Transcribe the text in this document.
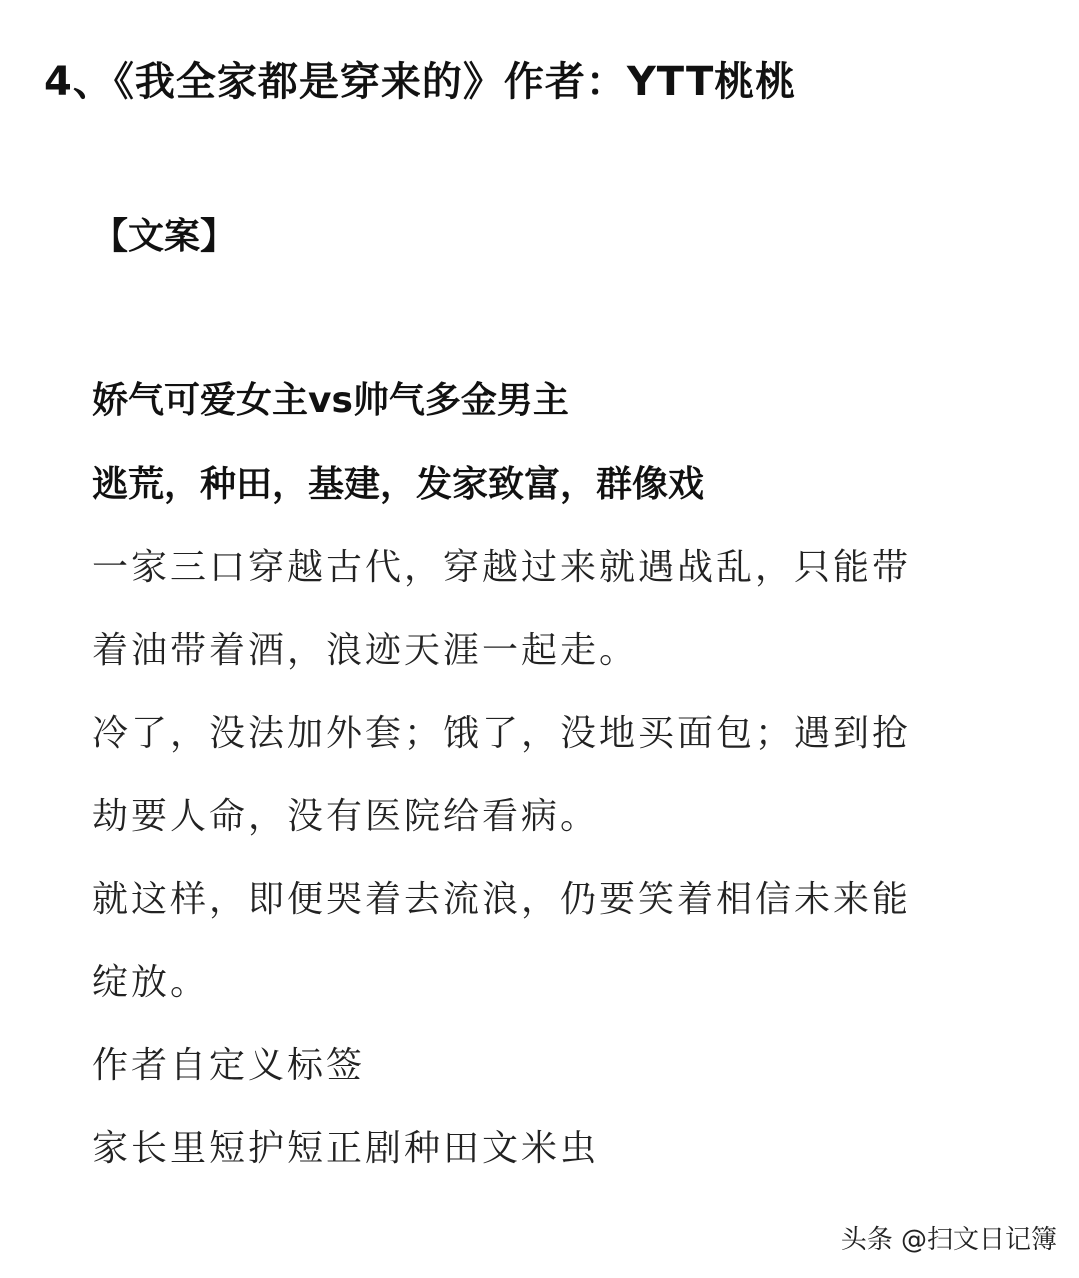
4、《我全家都是穿来的》作者：YTT桃桃
【文案】
娇气可爱女主vs帅气多金男主
逃荒，种田，基建，发家致富，群像戏
一家三口穿越古代，穿越过来就遇战乱，只能带
着油带着酒，浪迹天涯一起走。
冷了，没法加外套；饿了，没地买面包；遇到抢
劫要人命，没有医院给看病。
就这样，即便哭着去流浪，仍要笑着相信未来能
绽放。
作者自定义标签
家长里短护短正剧种田文米虫
头条 @扫文日记簿
